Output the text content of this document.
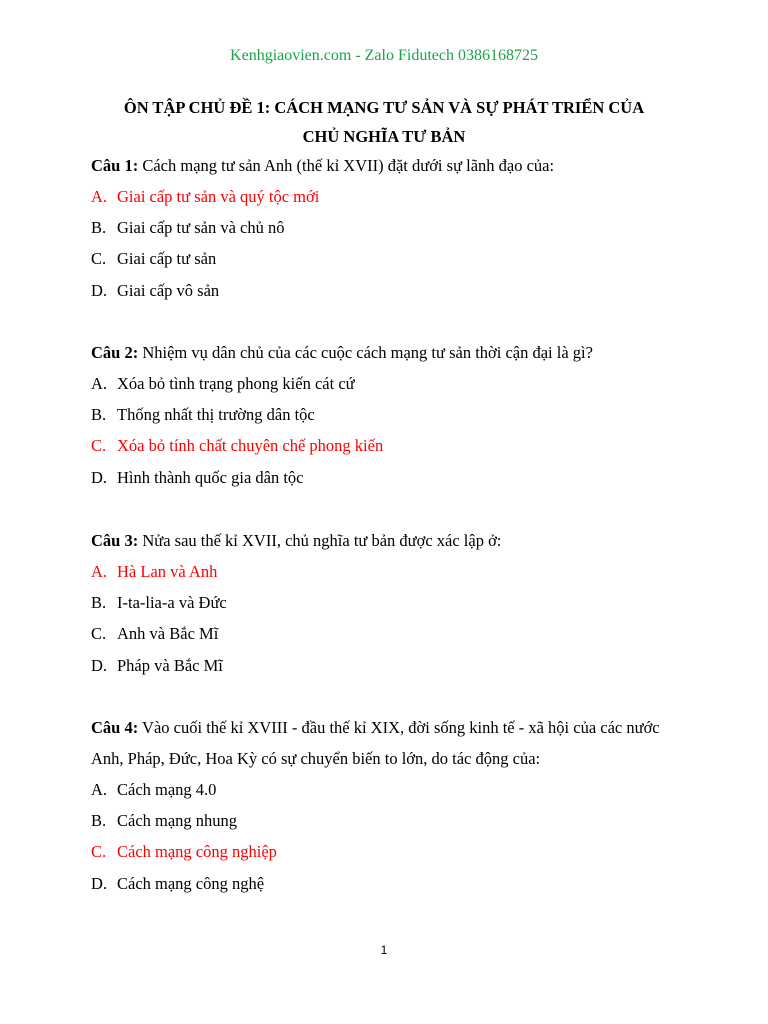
Kenhgiaovien.com - Zalo Fidutech 0386168725
ÔN TẬP CHỦ ĐỀ 1: CÁCH MẠNG TƯ SẢN VÀ SỰ PHÁT TRIỂN CỦA
CHỦ NGHĨA TƯ BẢN

Câu 1: Cách mạng tư sản Anh (thế kỉ XVII) đặt dưới sự lãnh đạo của:

A. Giai cấp tư sản và quý tộc mới
B. Giai cấp tư sản và chủ nô
C. Giai cấp tư sản
D. Giai cấp vô sản

Câu 2: Nhiệm vụ dân chủ của các cuộc cách mạng tư sản thời cận đại là gì?

A. Xóa bỏ tình trạng phong kiến cát cứ
B. Thống nhất thị trường dân tộc
C. Xóa bỏ tính chất chuyên chế phong kiến
D. Hình thành quốc gia dân tộc

Câu 3: Nửa sau thế kỉ XVII, chủ nghĩa tư bản được xác lập ở:

A. Hà Lan và Anh
B. I-ta-lia-a và Đức
C. Anh và Bắc Mĩ
D. Pháp và Bắc Mĩ

Câu 4: Vào cuối thế kỉ XVIII - đầu thế kỉ XIX, đời sống kinh tế - xã hội của các nước Anh, Pháp, Đức, Hoa Kỳ có sự chuyển biến to lớn, do tác động của:

A. Cách mạng 4.0
B. Cách mạng nhung
C. Cách mạng công nghiệp
D. Cách mạng công nghệ
1
